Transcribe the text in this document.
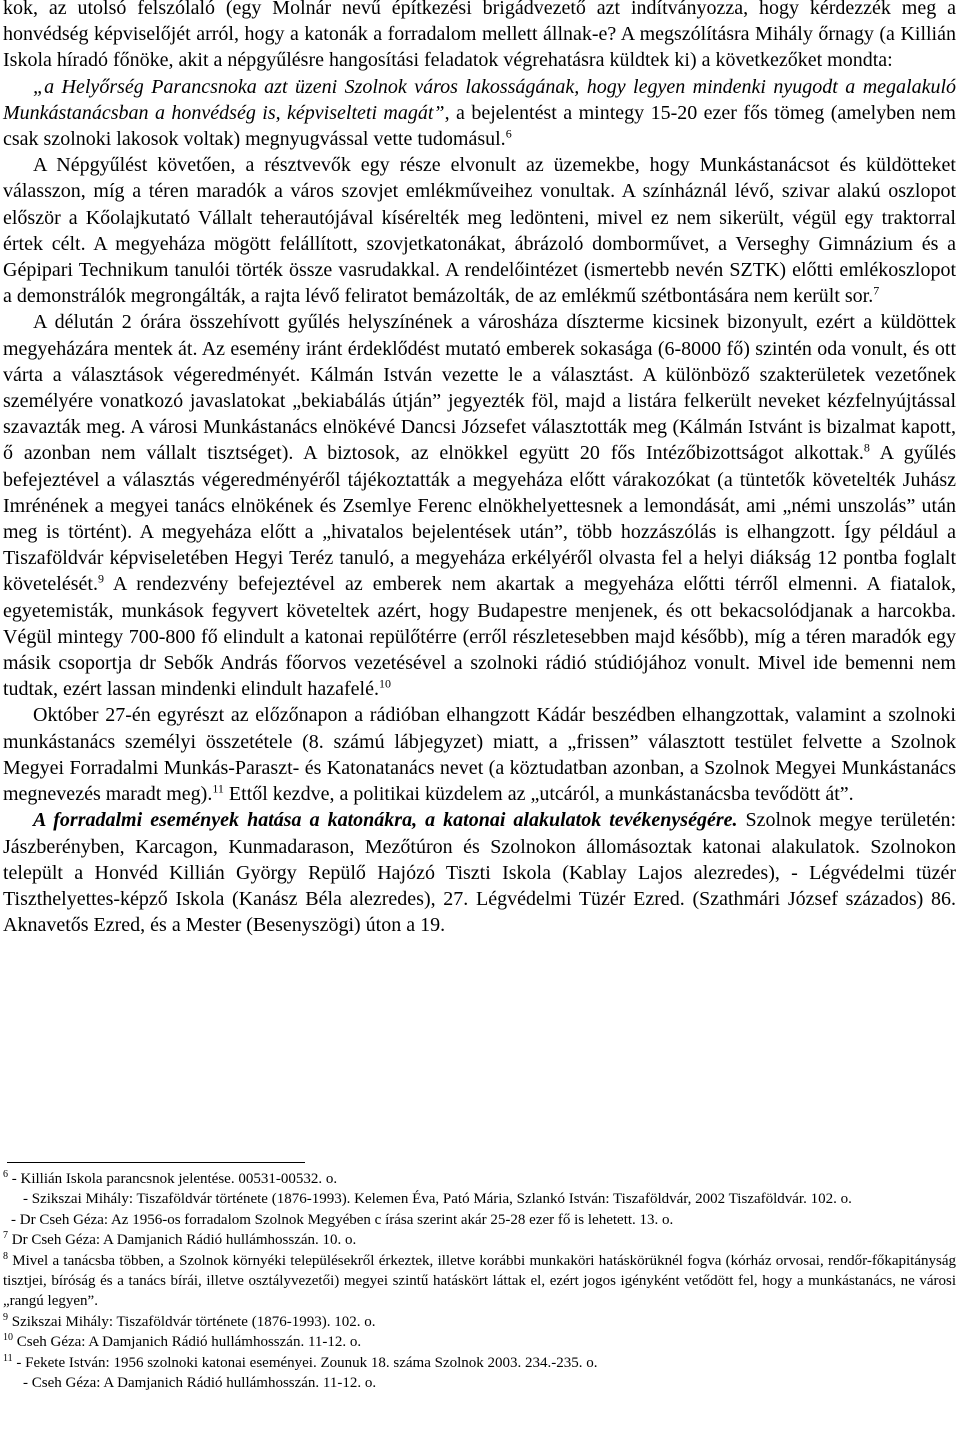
kok, az utolsó felszólaló (egy Molnár nevű építkezési brigádvezető azt indítványozza, hogy kérdezzék meg a honvédség képviselőjét arról, hogy a katonák a forradalom mellett állnak-e? A megszólításra Mihály őrnagy (a Killián Iskola híradó főnöke, akit a népgyűlésre hangosítási feladatok végrehatásra küldtek ki) a következőket mondta:

„a Helyőrség Parancsnoka azt üzeni Szolnok város lakosságának, hogy legyen mindenki nyugodt a megalakuló Munkástanácsban a honvédség is, képviselteti magát”, a bejelentést a mintegy 15-20 ezer fős tömeg (amelyben nem csak szolnoki lakosok voltak) megnyugvással vette tudomásul.$^6$

A Népgyűlést követően, a résztvevők egy része elvonult az üzemekbe, hogy Munkástanácsot és küldötteket válasszon, míg a téren maradók a város szovjet emlékműveihez vonultak. A színháznál lévő, szivar alakú oszlopot először a Kőolajkutató Vállalt teherautójával kísérelték meg ledönteni, mivel ez nem sikerült, végül egy traktorral értek célt. A megyeháza mögött felállított, szovjetkatonákat, ábrázoló domborművet, a Verseghy Gimnázium és a Gépipari Technikum tanulói törték össze vasrudakkal. A rendelőintézet (ismertebb nevén SZTK) előtti emlékoszlopot a demonstrálók megrongálták, a rajta lévő feliratot bemázolták, de az emlékmű szétbontására nem került sor.$^7$

A délután 2 órára összehívott gyűlés helyszínének a városháza díszterme kicsinek bizonyult, ezért a küldöttek megyeházára mentek át. Az esemény iránt érdeklődést mutató emberek sokasága (6-8000 fő) szintén oda vonult, és ott várta a választások végeredményét. Kálmán István vezette le a választást. A különböző szakterületek vezetőnek személyére vonatkozó javaslatokat „bekiabálás útján” jegyezték föl, majd a listára felkerült neveket kézfelnyújtással szavazták meg. A városi Munkástanács elnökévé Dancsi Józsefet választották meg (Kálmán Istvánt is bizalmat kapott, ő azonban nem vállalt tisztséget). A biztosok, az elnökkel együtt 20 fős Intézőbizottságot alkottak.$^8$ A gyűlés befejeztével a választás végeredményéről tájékoztatták a megyeháza előtt várakozókat (a tüntetők követelték Juhász Imrénének a megyei tanács elnökének és Zsemlye Ferenc elnökhelyettesnek a lemondását, ami „némi unszolás” után meg is történt). A megyeháza előtt a „hivatalos bejelentések után”, több hozzászólás is elhangzott. Így például a Tiszaföldvár képviseletében Hegyi Teréz tanuló, a megyeháza erkélyéről olvasta fel a helyi diákság 12 pontba foglalt követelését.$^9$ A rendezvény befejeztével az emberek nem akartak a megyeháza előtti térről elmenni. A fiatalok, egyetemisták, munkások fegyvert követeltek azért, hogy Budapestre menjenek, és ott bekacsolódjanak a harcokba. Végül mintegy 700-800 fő elindult a katonai repülőtérre (erről részletesebben majd később), míg a téren maradók egy másik csoportja dr Sebők András főorvos vezetésével a szolnoki rádió stúdiójához vonult. Mivel ide bemenni nem tudtak, ezért lassan mindenki elindult hazafelé.$^{10}$

Október 27-én egyrészt az előzőnapon a rádióban elhangzott Kádár beszédben elhangzottak, valamint a szolnoki munkástanács személyi összetétele (8. számú lábjegyzet) miatt, a „frissen” választott testület felvette a Szolnok Megyei Forradalmi Munkás-Paraszt- és Katonatanács nevet (a köztudatban azonban, a Szolnok Megyei Munkástanács megnevezés maradt meg).$^{11}$ Ettől kezdve, a politikai küzdelem az „utcáról, a munkástanácsba tevődött át”.

A forradalmi események hatása a katonákra, a katonai alakulatok tevékenységére. Szolnok megye területén: Jászberényben, Karcagon, Kunmadarason, Mezőtúron és Szolnokon állomásoztak katonai alakulatok. Szolnokon települt a Honvéd Killián György Repülő Hajózó Tiszti Iskola (Kablay Lajos alezredes), - Légvédelmi tüzér Tiszthelyettes-képző Iskola (Kanász Béla alezredes), 27. Légvédelmi Tüzér Ezred. (Szathmári József százados) 86. Aknavetős Ezred, és a Mester (Besenyszögi) úton a 19.

$^6$ - Killián Iskola parancsnok jelentése. 00531-00532. o.

- Szikszai Mihály: Tiszaföldvár története (1876-1993). Kelemen Éva, Pató Mária, Szlankó István: Tiszaföldvár, 2002 Tiszaföldvár. 102. o.

- Dr Cseh Géza: Az 1956-os forradalom Szolnok Megyében c írása szerint akár 25-28 ezer fő is lehetett. 13. o.

$^7$ Dr Cseh Géza: A Damjanich Rádió hullámhosszán. 10. o.

$^8$ Mivel a tanácsba többen, a Szolnok környéki településekről érkeztek, illetve korábbi munkaköri hatáskörüknél fogva (kórház orvosai, rendőr-főkapitányság tisztjei, bíróság és a tanács bírái, illetve osztályvezetői) megyei szintű hatáskört láttak el, ezért jogos igényként vetődött fel, hogy a munkástanács, ne városi „rangú legyen”.

$^9$ Szikszai Mihály: Tiszaföldvár története (1876-1993). 102. o.

$^{10}$ Cseh Géza: A Damjanich Rádió hullámhosszán. 11-12. o.

$^{11}$ - Fekete István: 1956 szolnoki katonai eseményei. Zounuk 18. száma Szolnok 2003. 234.-235. o.

- Cseh Géza: A Damjanich Rádió hullámhosszán. 11-12. o.
